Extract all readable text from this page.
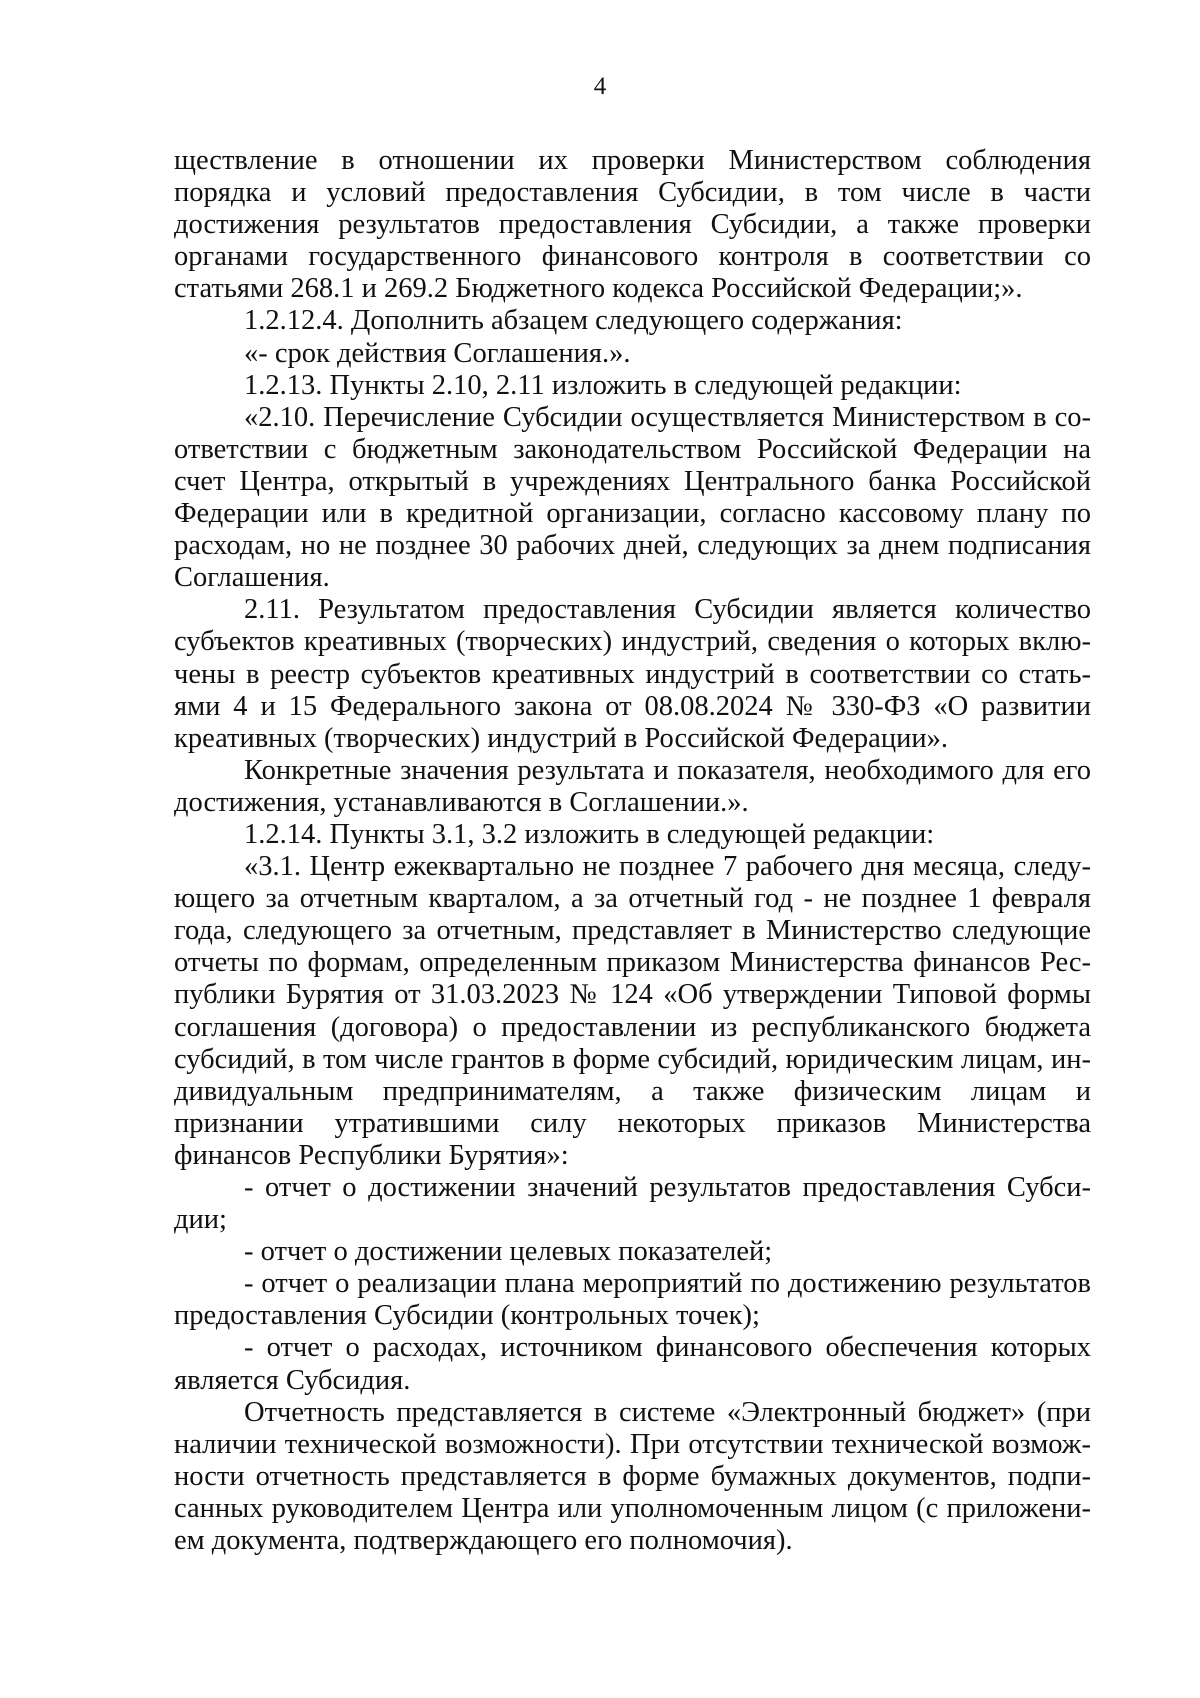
4

ществление в отношении их проверки Министерством соблюдения порядка и условий предоставления Субсидии, в том числе в части достижения результатов предоставления Субсидии, а также проверки органами государственного финансового контроля в соответствии со статьями 268.1 и 269.2 Бюджетного кодекса Российской Федерации;».

1.2.12.4. Дополнить абзацем следующего содержания:

«- срок действия Соглашения.».

1.2.13. Пункты 2.10, 2.11 изложить в следующей редакции:

«2.10. Перечисление Субсидии осуществляется Министерством в соответствии с бюджетным законодательством Российской Федерации на счет Центра, открытый в учреждениях Центрального банка Российской Федерации или в кредитной организации, согласно кассовому плану по расходам, но не позднее 30 рабочих дней, следующих за днем подписания Соглашения.

2.11. Результатом предоставления Субсидии является количество субъектов креативных (творческих) индустрий, сведения о которых включены в реестр субъектов креативных индустрий в соответствии со статьями 4 и 15 Федерального закона от 08.08.2024 № 330-ФЗ «О развитии креативных (творческих) индустрий в Российской Федерации».

Конкретные значения результата и показателя, необходимого для его достижения, устанавливаются в Соглашении.».

1.2.14. Пункты 3.1, 3.2 изложить в следующей редакции:

«3.1. Центр ежеквартально не позднее 7 рабочего дня месяца, следующего за отчетным кварталом, а за отчетный год - не позднее 1 февраля года, следующего за отчетным, представляет в Министерство следующие отчеты по формам, определенным приказом Министерства финансов Республики Бурятия от 31.03.2023 № 124 «Об утверждении Типовой формы соглашения (договора) о предоставлении из республиканского бюджета субсидий, в том числе грантов в форме субсидий, юридическим лицам, индивидуальным предпринимателям, а также физическим лицам и признании утратившими силу некоторых приказов Министерства финансов Республики Бурятия»:

- отчет о достижении значений результатов предоставления Субсидии;

- отчет о достижении целевых показателей;

- отчет о реализации плана мероприятий по достижению результатов предоставления Субсидии (контрольных точек);

- отчет о расходах, источником финансового обеспечения которых является Субсидия.

Отчетность представляется в системе «Электронный бюджет» (при наличии технической возможности). При отсутствии технической возможности отчетность представляется в форме бумажных документов, подписанных руководителем Центра или уполномоченным лицом (с приложением документа, подтверждающего его полномочия).
